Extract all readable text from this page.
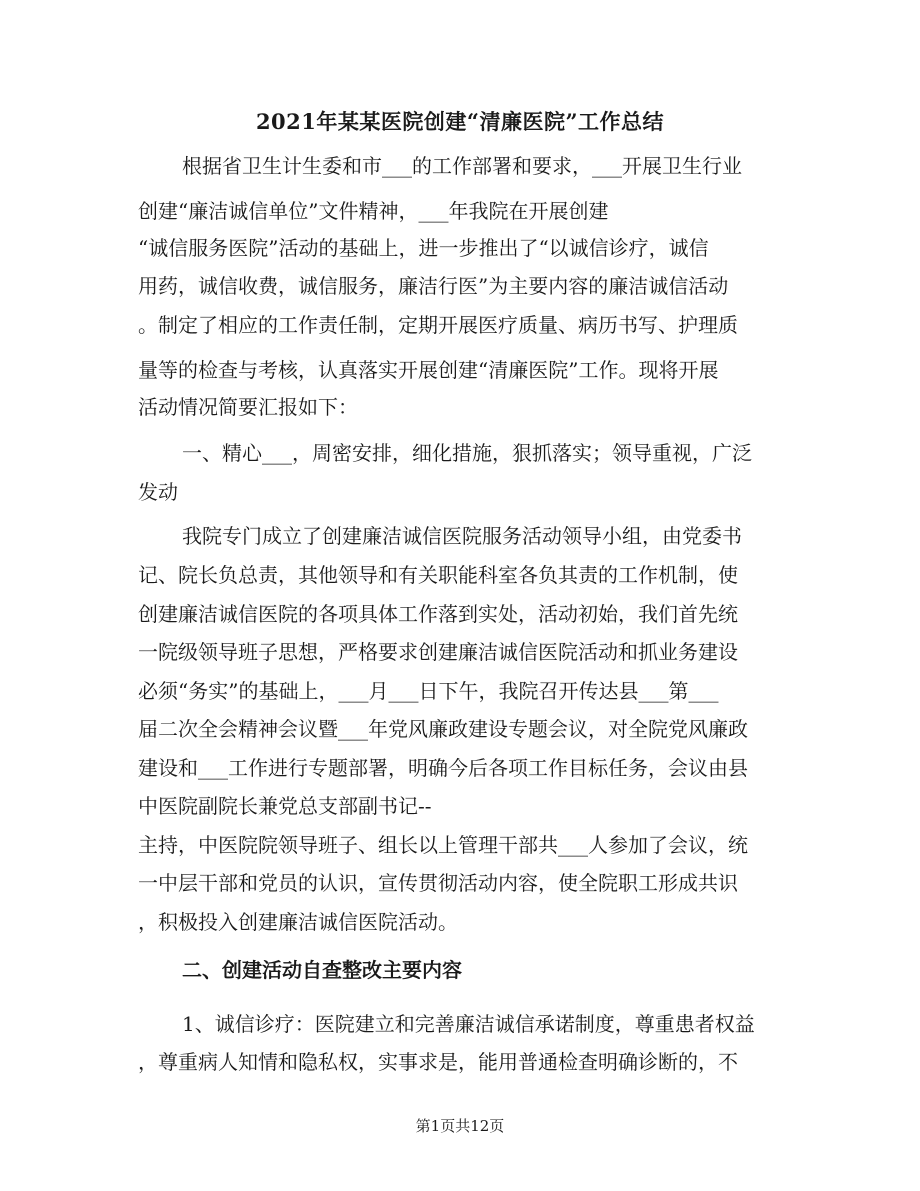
2021年某某医院创建“清廉医院”工作总结
根据省卫生计生委和市___的工作部署和要求，___开展卫生行业
创建“廉洁诚信单位”文件精神，___年我院在开展创建
“诚信服务医院”活动的基础上，进一步推出了“以诚信诊疗，诚信
用药，诚信收费，诚信服务，廉洁行医”为主要内容的廉洁诚信活动
。制定了相应的工作责任制，定期开展医疗质量、病历书写、护理质
量等的检查与考核，认真落实开展创建“清廉医院”工作。现将开展
活动情况简要汇报如下：
一、精心___，周密安排，细化措施，狠抓落实；领导重视，广泛
发动
我院专门成立了创建廉洁诚信医院服务活动领导小组，由党委书
记、院长负总责，其他领导和有关职能科室各负其责的工作机制，使
创建廉洁诚信医院的各项具体工作落到实处，活动初始，我们首先统
一院级领导班子思想，严格要求创建廉洁诚信医院活动和抓业务建设
必须“务实”的基础上，___月___日下午，我院召开传达县___第___
届二次全会精神会议暨___年党风廉政建设专题会议，对全院党风廉政
建设和___工作进行专题部署，明确今后各项工作目标任务，会议由县
中医院副院长兼党总支部副书记--
主持，中医院院领导班子、组长以上管理干部共___人参加了会议，统
一中层干部和党员的认识，宣传贯彻活动内容，使全院职工形成共识
，积极投入创建廉洁诚信医院活动。
二、创建活动自查整改主要内容
1、诚信诊疗：医院建立和完善廉洁诚信承诺制度，尊重患者权益
，尊重病人知情和隐私权，实事求是，能用普通检查明确诊断的，不
第1页共12页
